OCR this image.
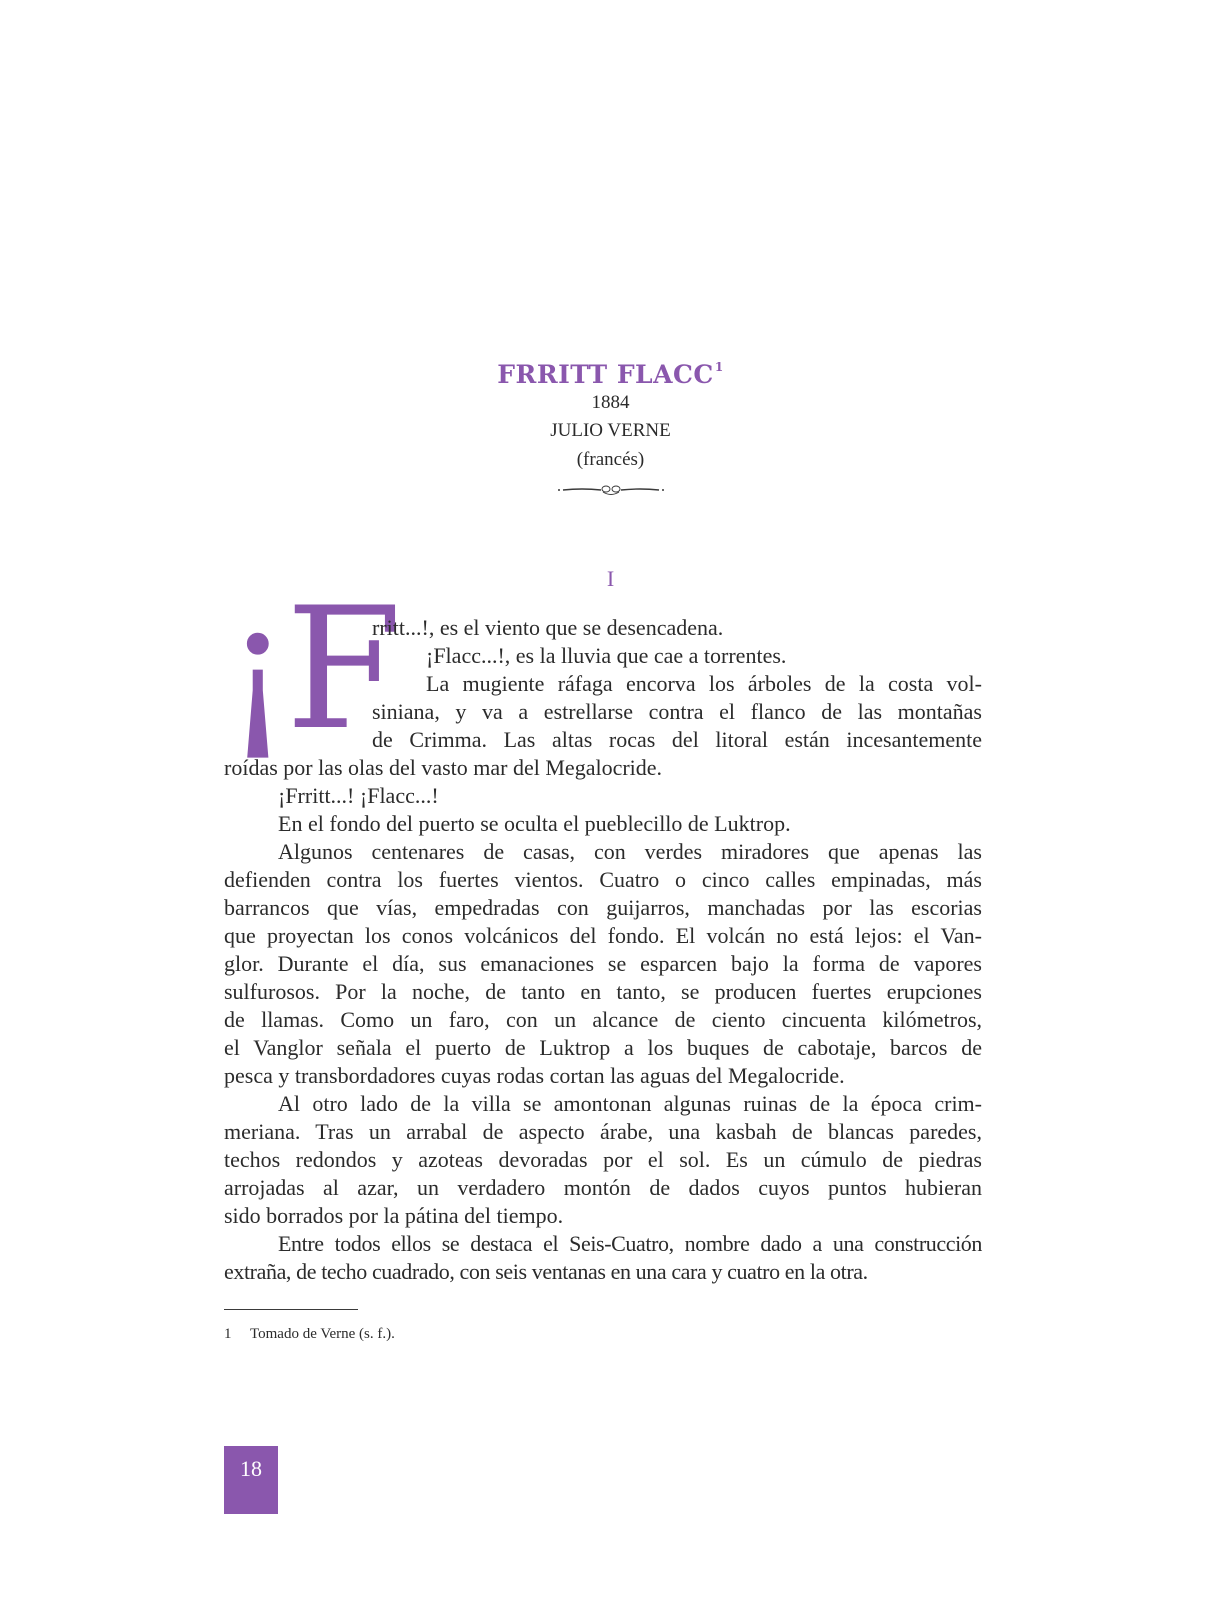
FRRITT FLACC$^1$
1884
JULIO VERNE
(francés)
I
¡F
rritt...!, es el viento que se desencadena.
¡Flacc...!, es la lluvia que cae a torrentes.
La mugiente ráfaga encorva los árboles de la costa vol-
siniana, y va a estrellarse contra el flanco de las montañas
de Crimma. Las altas rocas del litoral están incesantemente
roídas por las olas del vasto mar del Megalocride.
¡Frritt...! ¡Flacc...!
En el fondo del puerto se oculta el pueblecillo de Luktrop.
Algunos centenares de casas, con verdes miradores que apenas las
defienden contra los fuertes vientos. Cuatro o cinco calles empinadas, más
barrancos que vías, empedradas con guijarros, manchadas por las escorias
que proyectan los conos volcánicos del fondo. El volcán no está lejos: el Van-
glor. Durante el día, sus emanaciones se esparcen bajo la forma de vapores
sulfurosos. Por la noche, de tanto en tanto, se producen fuertes erupciones
de llamas. Como un faro, con un alcance de ciento cincuenta kilómetros,
el Vanglor señala el puerto de Luktrop a los buques de cabotaje, barcos de
pesca y transbordadores cuyas rodas cortan las aguas del Megalocride.
Al otro lado de la villa se amontonan algunas ruinas de la época crim-
meriana. Tras un arrabal de aspecto árabe, una kasbah de blancas paredes,
techos redondos y azoteas devoradas por el sol. Es un cúmulo de piedras
arrojadas al azar, un verdadero montón de dados cuyos puntos hubieran
sido borrados por la pátina del tiempo.
Entre todos ellos se destaca el Seis-Cuatro, nombre dado a una construcción
extraña, de techo cuadrado, con seis ventanas en una cara y cuatro en la otra.
1 Tomado de Verne (s. f.).
18
